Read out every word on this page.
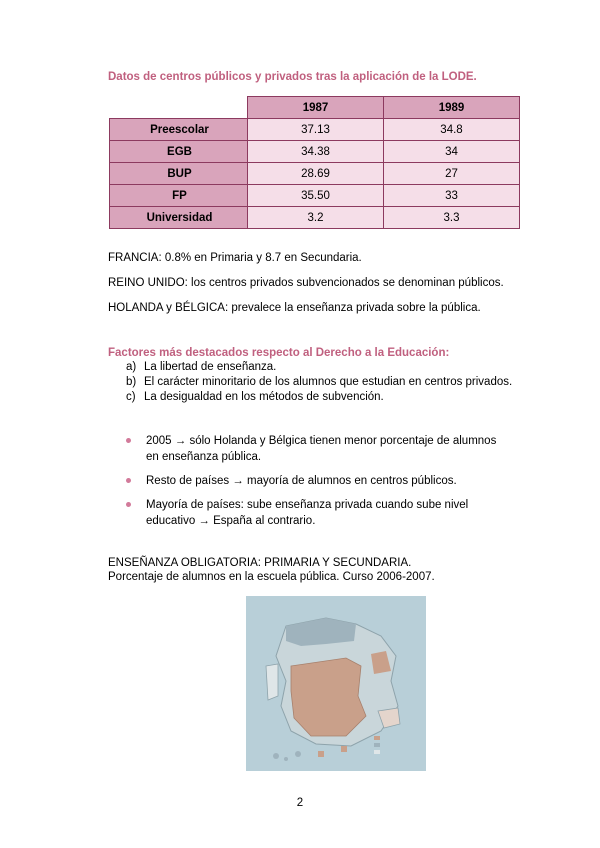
Datos de centros públicos y privados tras la aplicación de la LODE.
	1987	1989
Preescolar	37.13	34.8
EGB	34.38	34
BUP	28.69	27
FP	35.50	33
Universidad	3.2	3.3
FRANCIA: 0.8% en Primaria y 8.7 en Secundaria.
REINO UNIDO: los centros privados subvencionados se denominan públicos.
HOLANDA y BÉLGICA: prevalece la enseñanza privada sobre la pública.
Factores más destacados respecto al Derecho a la Educación:
a) La libertad de enseñanza.
b) El carácter minoritario de los alumnos que estudian en centros privados.
c) La desigualdad en los métodos de subvención.
2005 → sólo Holanda y Bélgica tienen menor porcentaje de alumnos en enseñanza pública.
Resto de países → mayoría de alumnos en centros públicos.
Mayoría de países: sube enseñanza privada cuando sube nivel educativo → España al contrario.
ENSEÑANZA OBLIGATORIA: PRIMARIA Y SECUNDARIA.
Porcentaje de alumnos en la escuela pública. Curso 2006-2007.
2
